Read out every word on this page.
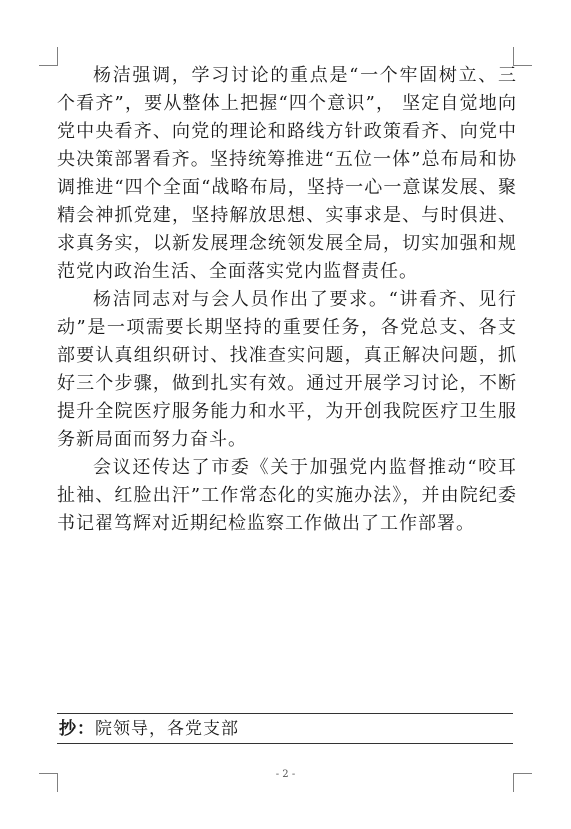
杨洁强调，学习讨论的重点是“一个牢固树立、三个看齐”，要从整体上把握“四个意识”， 坚定自觉地向党中央看齐、向党的理论和路线方针政策看齐、向党中央决策部署看齐。坚持统筹推进“五位一体”总布局和协调推进“四个全面“战略布局，坚持一心一意谋发展、聚精会神抓党建，坚持解放思想、实事求是、与时俱进、求真务实，以新发展理念统领发展全局，切实加强和规范党内政治生活、全面落实党内监督责任。

杨洁同志对与会人员作出了要求。“讲看齐、见行动”是一项需要长期坚持的重要任务，各党总支、各支部要认真组织研讨、找准查实问题，真正解决问题，抓好三个步骤，做到扎实有效。通过开展学习讨论，不断提升全院医疗服务能力和水平，为开创我院医疗卫生服务新局面而努力奋斗。

会议还传达了市委《关于加强党内监督推动“咬耳扯袖、红脸出汗”工作常态化的实施办法》，并由院纪委书记翟笃辉对近期纪检监察工作做出了工作部署。

抄：院领导，各党支部
- 2 -
